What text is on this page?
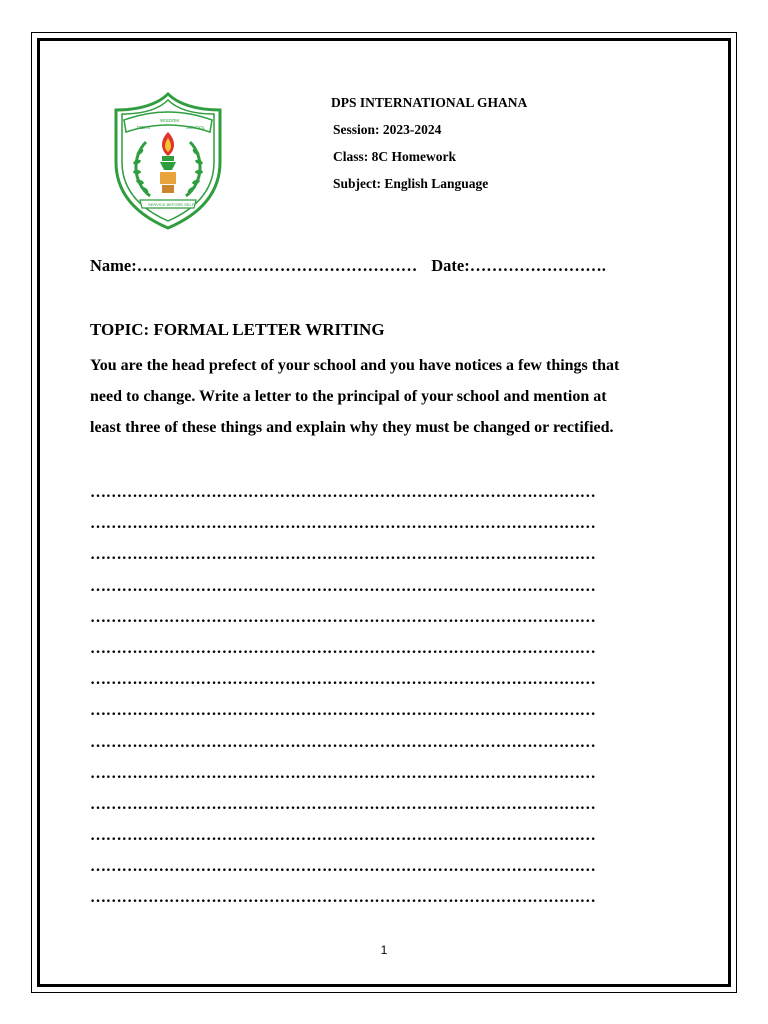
DELHI
WISDOM
SCHOOL
SERVICE BEFORE SELF
DPS INTERNATIONAL GHANA
Session: 2023-2024
Class: 8C Homework
Subject: English Language
Name:…………………………………………… Date:…………………….
TOPIC: FORMAL LETTER WRITING
You are the head prefect of your school and you have notices a few things that
need to change. Write a letter to the principal of your school and mention at
least three of these things and explain why they must be changed or rectified.
……………………………………………………………………………………
……………………………………………………………………………………
……………………………………………………………………………………
……………………………………………………………………………………
……………………………………………………………………………………
……………………………………………………………………………………
……………………………………………………………………………………
……………………………………………………………………………………
……………………………………………………………………………………
……………………………………………………………………………………
……………………………………………………………………………………
……………………………………………………………………………………
……………………………………………………………………………………
……………………………………………………………………………………
1
